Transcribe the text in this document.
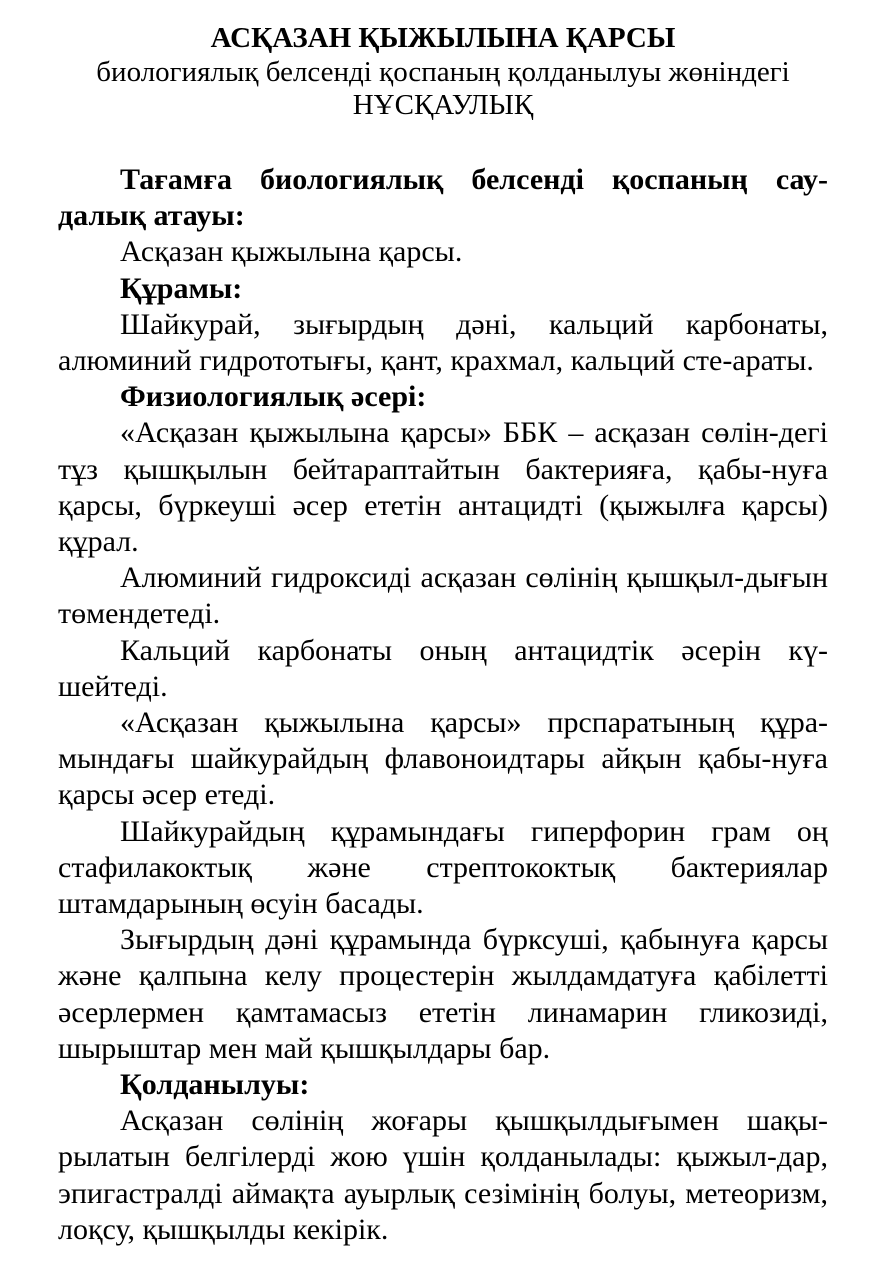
АСҚАЗАН ҚЫЖЫЛЫНА ҚАРСЫ

биологиялық белсенді қоспаның қолданылуы жөніндегі

НҰСҚАУЛЫҚ

Тағамға биологиялық белсенді қоспаның сау-далық атауы:

Асқазан қыжылына қарсы.

Құрамы:

Шайкурай, зығырдың дәні, кальций карбонаты, алюминий гидрототығы, қант, крахмал, кальций сте-араты.

Физиологиялық әсері:

«Асқазан қыжылына қарсы» ББК – асқазан сөлін-дегі тұз қышқылын бейтараптайтын бактерияға, қабы-нуға қарсы, бүркеуші әсер ететін антацидті (қыжылға қарсы) құрал.

Алюминий гидроксиді асқазан сөлінің қышқыл-дығын төмендетеді.

Кальций карбонаты оның антацидтік әсерін кү-шейтеді.

«Асқазан қыжылына қарсы» прспаратының құра-мындағы шайкурайдың флавоноидтары айқын қабы-нуға қарсы әсер етеді.

Шайкурайдың құрамындағы гиперфорин грам оң стафилакоктық және стрептококтық бактериялар штамдарының өсуін басады.

Зығырдың дәні құрамында бүрксуші, қабынуға қарсы және қалпына келу процестерін жылдамдатуға қабілетті әсерлермен қамтамасыз ететін линамарин гликозиді, шырыштар мен май қышқылдары бар.

Қолданылуы:

Асқазан сөлінің жоғары қышқылдығымен шақы-рылатын белгілерді жою үшін қолданылады: қыжыл-дар, эпигастралді аймақта ауырлық сезімінің болуы, метеоризм, лоқсу, қышқылды кекірік.
